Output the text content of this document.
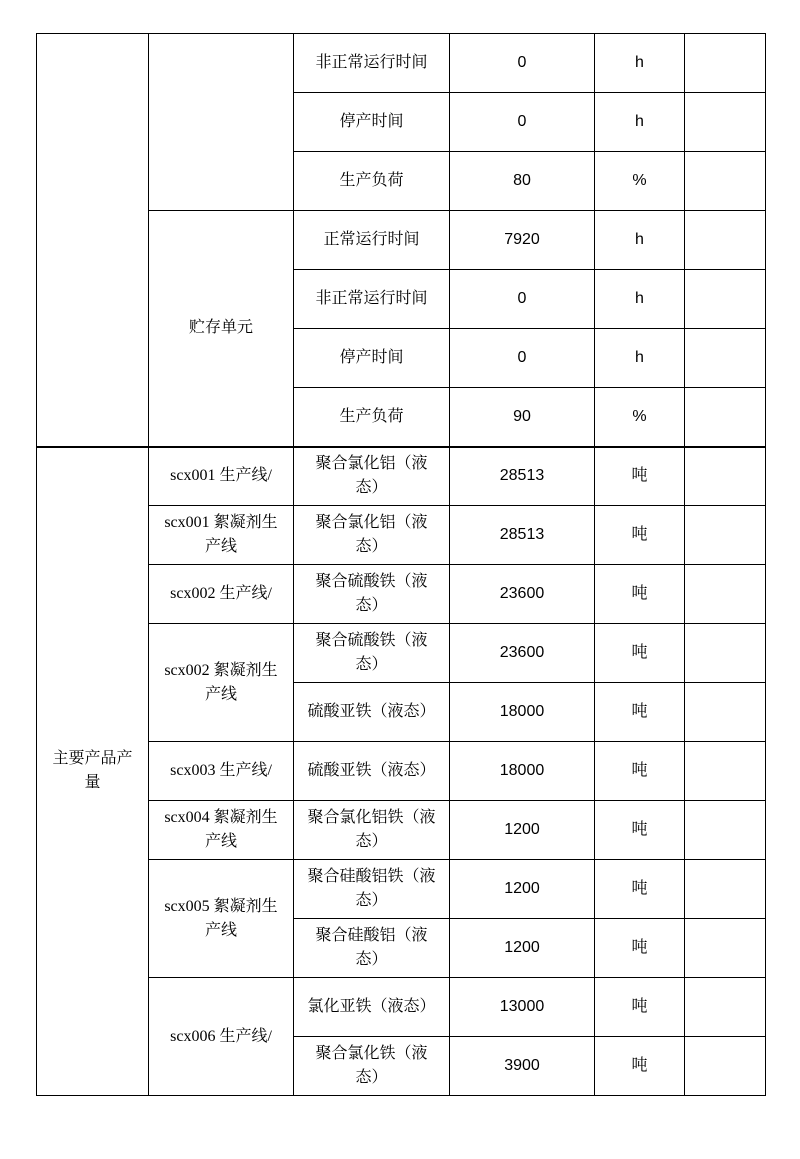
		非正常运行时间	0	h	
		停产时间	0	h	
		生产负荷	80	%	
	贮存单元	正常运行时间	7920	h	
		非正常运行时间	0	h	
		停产时间	0	h	
		生产负荷	90	%	
主要产品产量	scx001 生产线/	聚合氯化铝（液态）	28513	吨	
	scx001 絮凝剂生产线	聚合氯化铝（液态）	28513	吨	
	scx002 生产线/	聚合硫酸铁（液态）	23600	吨	
	scx002 絮凝剂生产线	聚合硫酸铁（液态）	23600	吨	
		硫酸亚铁（液态）	18000	吨	
	scx003 生产线/	硫酸亚铁（液态）	18000	吨	
	scx004 絮凝剂生产线	聚合氯化铝铁（液态）	1200	吨	
	scx005 絮凝剂生产线	聚合硅酸铝铁（液态）	1200	吨	
		聚合硅酸铝（液态）	1200	吨	
	scx006 生产线/	氯化亚铁（液态）	13000	吨	
		聚合氯化铁（液态）	3900	吨	
